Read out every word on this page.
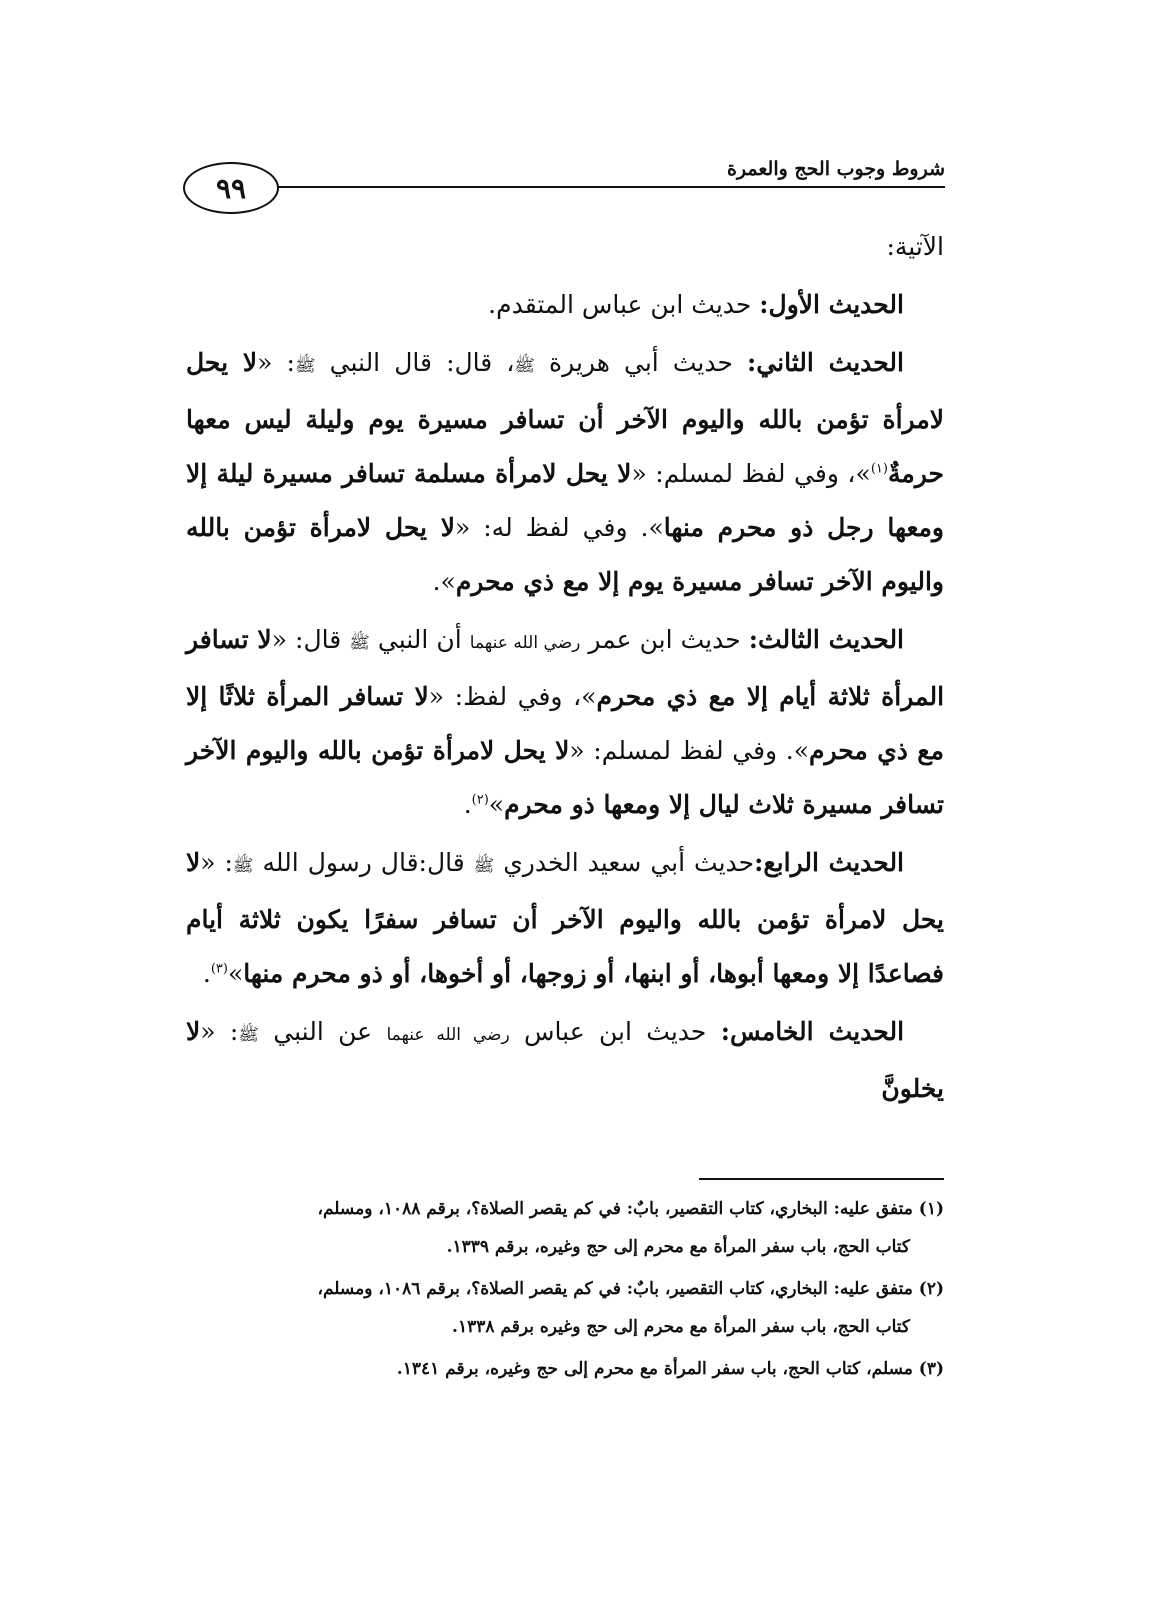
٩٩
شروط وجوب الحج والعمرة

الآتية:

الحديث الأول: حديث ابن عباس المتقدم.

الحديث الثاني: حديث أبي هريرة ﷺ، قال: قال النبي ﷺ: «لا يحل لامرأة تؤمن بالله واليوم الآخر أن تسافر مسيرة يوم وليلة ليس معها حرمةٌ$^{(١)}$»، وفي لفظ لمسلم: «لا يحل لامرأة مسلمة تسافر مسيرة ليلة إلا ومعها رجل ذو محرم منها». وفي لفظ له: «لا يحل لامرأة تؤمن بالله واليوم الآخر تسافر مسيرة يوم إلا مع ذي محرم».

الحديث الثالث: حديث ابن عمر رضي الله عنهما أن النبي ﷺ قال: «لا تسافر المرأة ثلاثة أيام إلا مع ذي محرم»، وفي لفظ: «لا تسافر المرأة ثلاثًا إلا مع ذي محرم». وفي لفظ لمسلم: «لا يحل لامرأة تؤمن بالله واليوم الآخر تسافر مسيرة ثلاث ليال إلا ومعها ذو محرم»$^{(٢)}$.

الحديث الرابع:حديث أبي سعيد الخدري ﷺ قال:قال رسول الله ﷺ: «لا يحل لامرأة تؤمن بالله واليوم الآخر أن تسافر سفرًا يكون ثلاثة أيام فصاعدًا إلا ومعها أبوها، أو ابنها، أو زوجها، أو أخوها، أو ذو محرم منها»$^{(٣)}$.

الحديث الخامس: حديث ابن عباس رضي الله عنهما عن النبي ﷺ: «لا يخلونَّ

(١) متفق عليه: البخاري، كتاب التقصير، بابٌ: في كم يقصر الصلاة؟، برقم ١٠٨٨، ومسلم،
كتاب الحج، باب سفر المرأة مع محرم إلى حج وغيره، برقم ١٣٣٩.

(٢) متفق عليه: البخاري، كتاب التقصير، بابٌ: في كم يقصر الصلاة؟، برقم ١٠٨٦، ومسلم،
كتاب الحج، باب سفر المرأة مع محرم إلى حج وغيره برقم ١٣٣٨.

(٣) مسلم، كتاب الحج، باب سفر المرأة مع محرم إلى حج وغيره، برقم ١٣٤١.
